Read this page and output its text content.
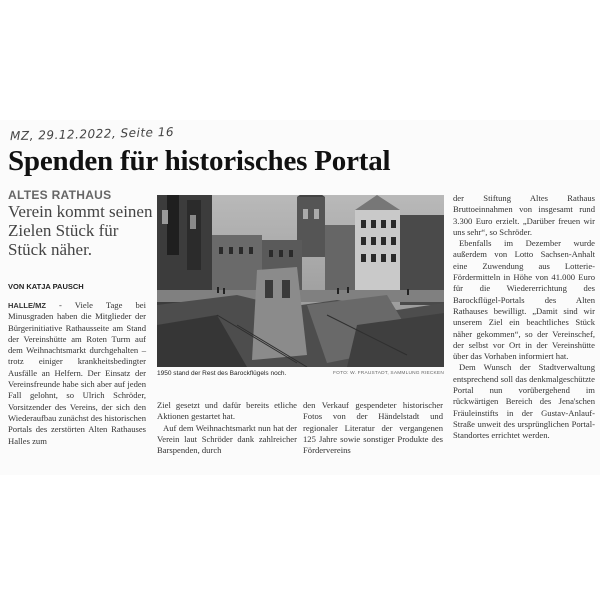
MZ, 29.12.2022, Seite 16
Spenden für historisches Portal
ALTES RATHAUS
Verein kommt seinen Zielen Stück für Stück näher.
VON KATJA PAUSCH

HALLE/MZ - Viele Tage bei Minusgraden haben die Mitglieder der Bürgerinitiative Rathausseite am Stand der Vereinshütte am Roten Turm auf dem Weihnachtsmarkt durchgehalten – trotz einiger krankheitsbedingter Ausfälle an Helfern. Der Einsatz der Vereinsfreunde habe sich aber auf jeden Fall gelohnt, so Ulrich Schröder, Vorsitzender des Vereins, der sich den Wiederaufbau zunächst des historischen Portals des zerstörten Alten Rathauses Halles zum

1950 stand der Rest des Barockflügels noch.	FOTO: W. FRAUSTADT, SAMMLUNG RIECKEN

Ziel gesetzt und dafür bereits etliche Aktionen gestartet hat.

Auf dem Weihnachtsmarkt nun hat der Verein laut Schröder dank zahlreicher Barspenden, durch

den Verkauf gespendeter historischer Fotos von der Händelstadt und regionaler Literatur der vergangenen 125 Jahre sowie sonstiger Produkte des Fördervereins

der Stiftung Altes Rathaus Bruttoeinnahmen von insgesamt rund 3.300 Euro erzielt. „Darüber freuen wir uns sehr“, so Schröder.

Ebenfalls im Dezember wurde außerdem von Lotto Sachsen-Anhalt eine Zuwendung aus Lotterie-Fördermitteln in Höhe von 41.000 Euro für die Wiedererrichtung des Barockflügel-Portals des Alten Rathauses bewilligt. „Damit sind wir unserem Ziel ein beachtliches Stück näher gekommen“, so der Vereinschef, der selbst vor Ort in der Vereinshütte über das Vorhaben informiert hat.

Dem Wunsch der Stadtverwaltung entsprechend soll das denkmalgeschützte Portal nun vorübergehend im rückwärtigen Bereich des Jena'schen Fräuleinstifts in der Gustav-Anlauf-Straße unweit des ursprünglichen Portal-Standortes errichtet werden.
